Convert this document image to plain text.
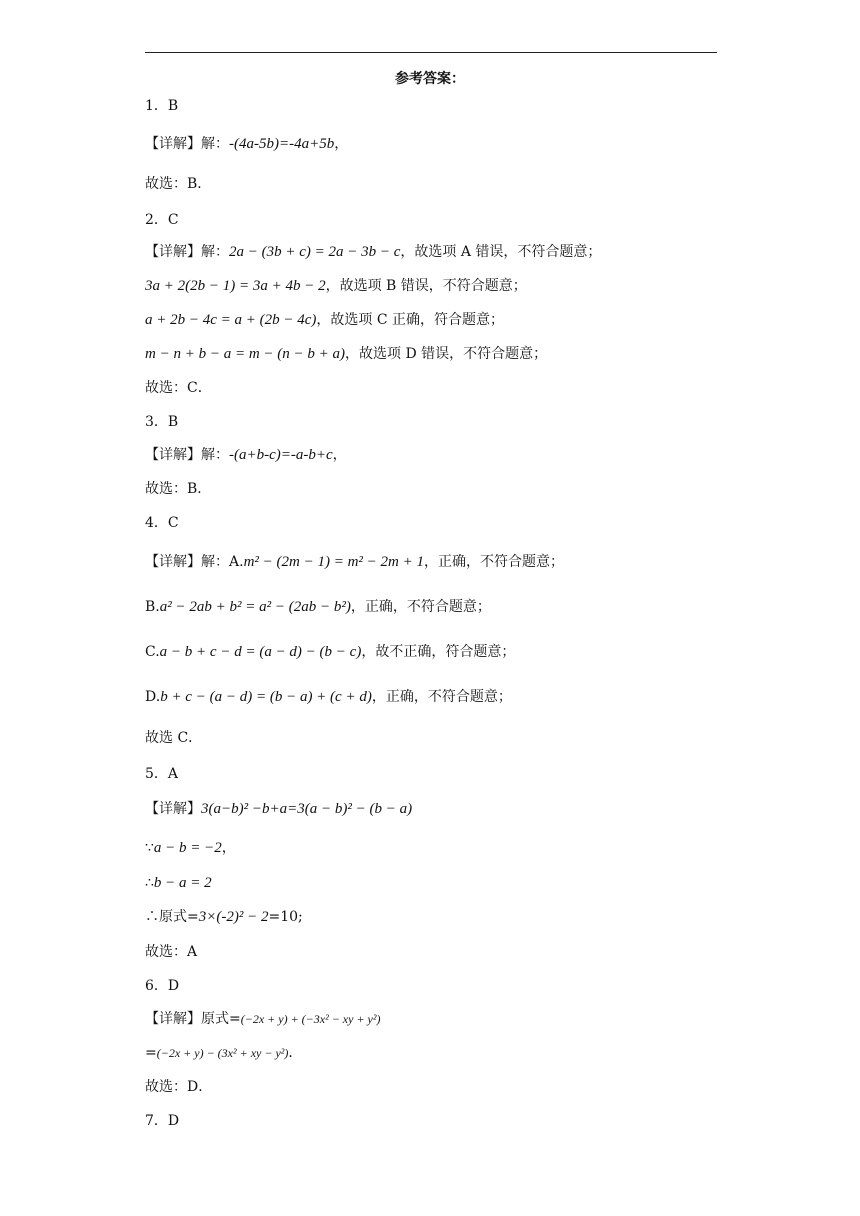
参考答案：
1．B
【详解】解：-(4a-5b)=-4a+5b，
故选：B．
2．C
【详解】解：2a − (3b + c) = 2a − 3b − c，故选项 A 错误，不符合题意；
3a + 2(2b − 1) = 3a + 4b − 2，故选项 B 错误，不符合题意；
a + 2b − 4c = a + (2b − 4c)，故选项 C 正确，符合题意；
m − n + b − a = m − (n − b + a)，故选项 D 错误，不符合题意；
故选：C．
3．B
【详解】解：-(a+b-c)=-a-b+c，
故选：B．
4．C
【详解】解：A.m² − (2m − 1) = m² − 2m + 1，正确，不符合题意；
B.a² − 2ab + b² = a² − (2ab − b²)，正确，不符合题意；
C.a − b + c − d = (a − d) − (b − c)，故不正确，符合题意；
D.b + c − (a − d) = (b − a) + (c + d)，正确，不符合题意；
故选 C．
5．A
【详解】3(a−b)² −b+a=3(a − b)² − (b − a)
∵a − b = −2，
∴b − a = 2
∴原式=3×(-2)² − 2=10;
故选：A
6．D
【详解】原式=(−2x + y) + (−3x² − xy + y²)
=(−2x + y) − (3x² + xy − y²)．
故选：D．
7．D
